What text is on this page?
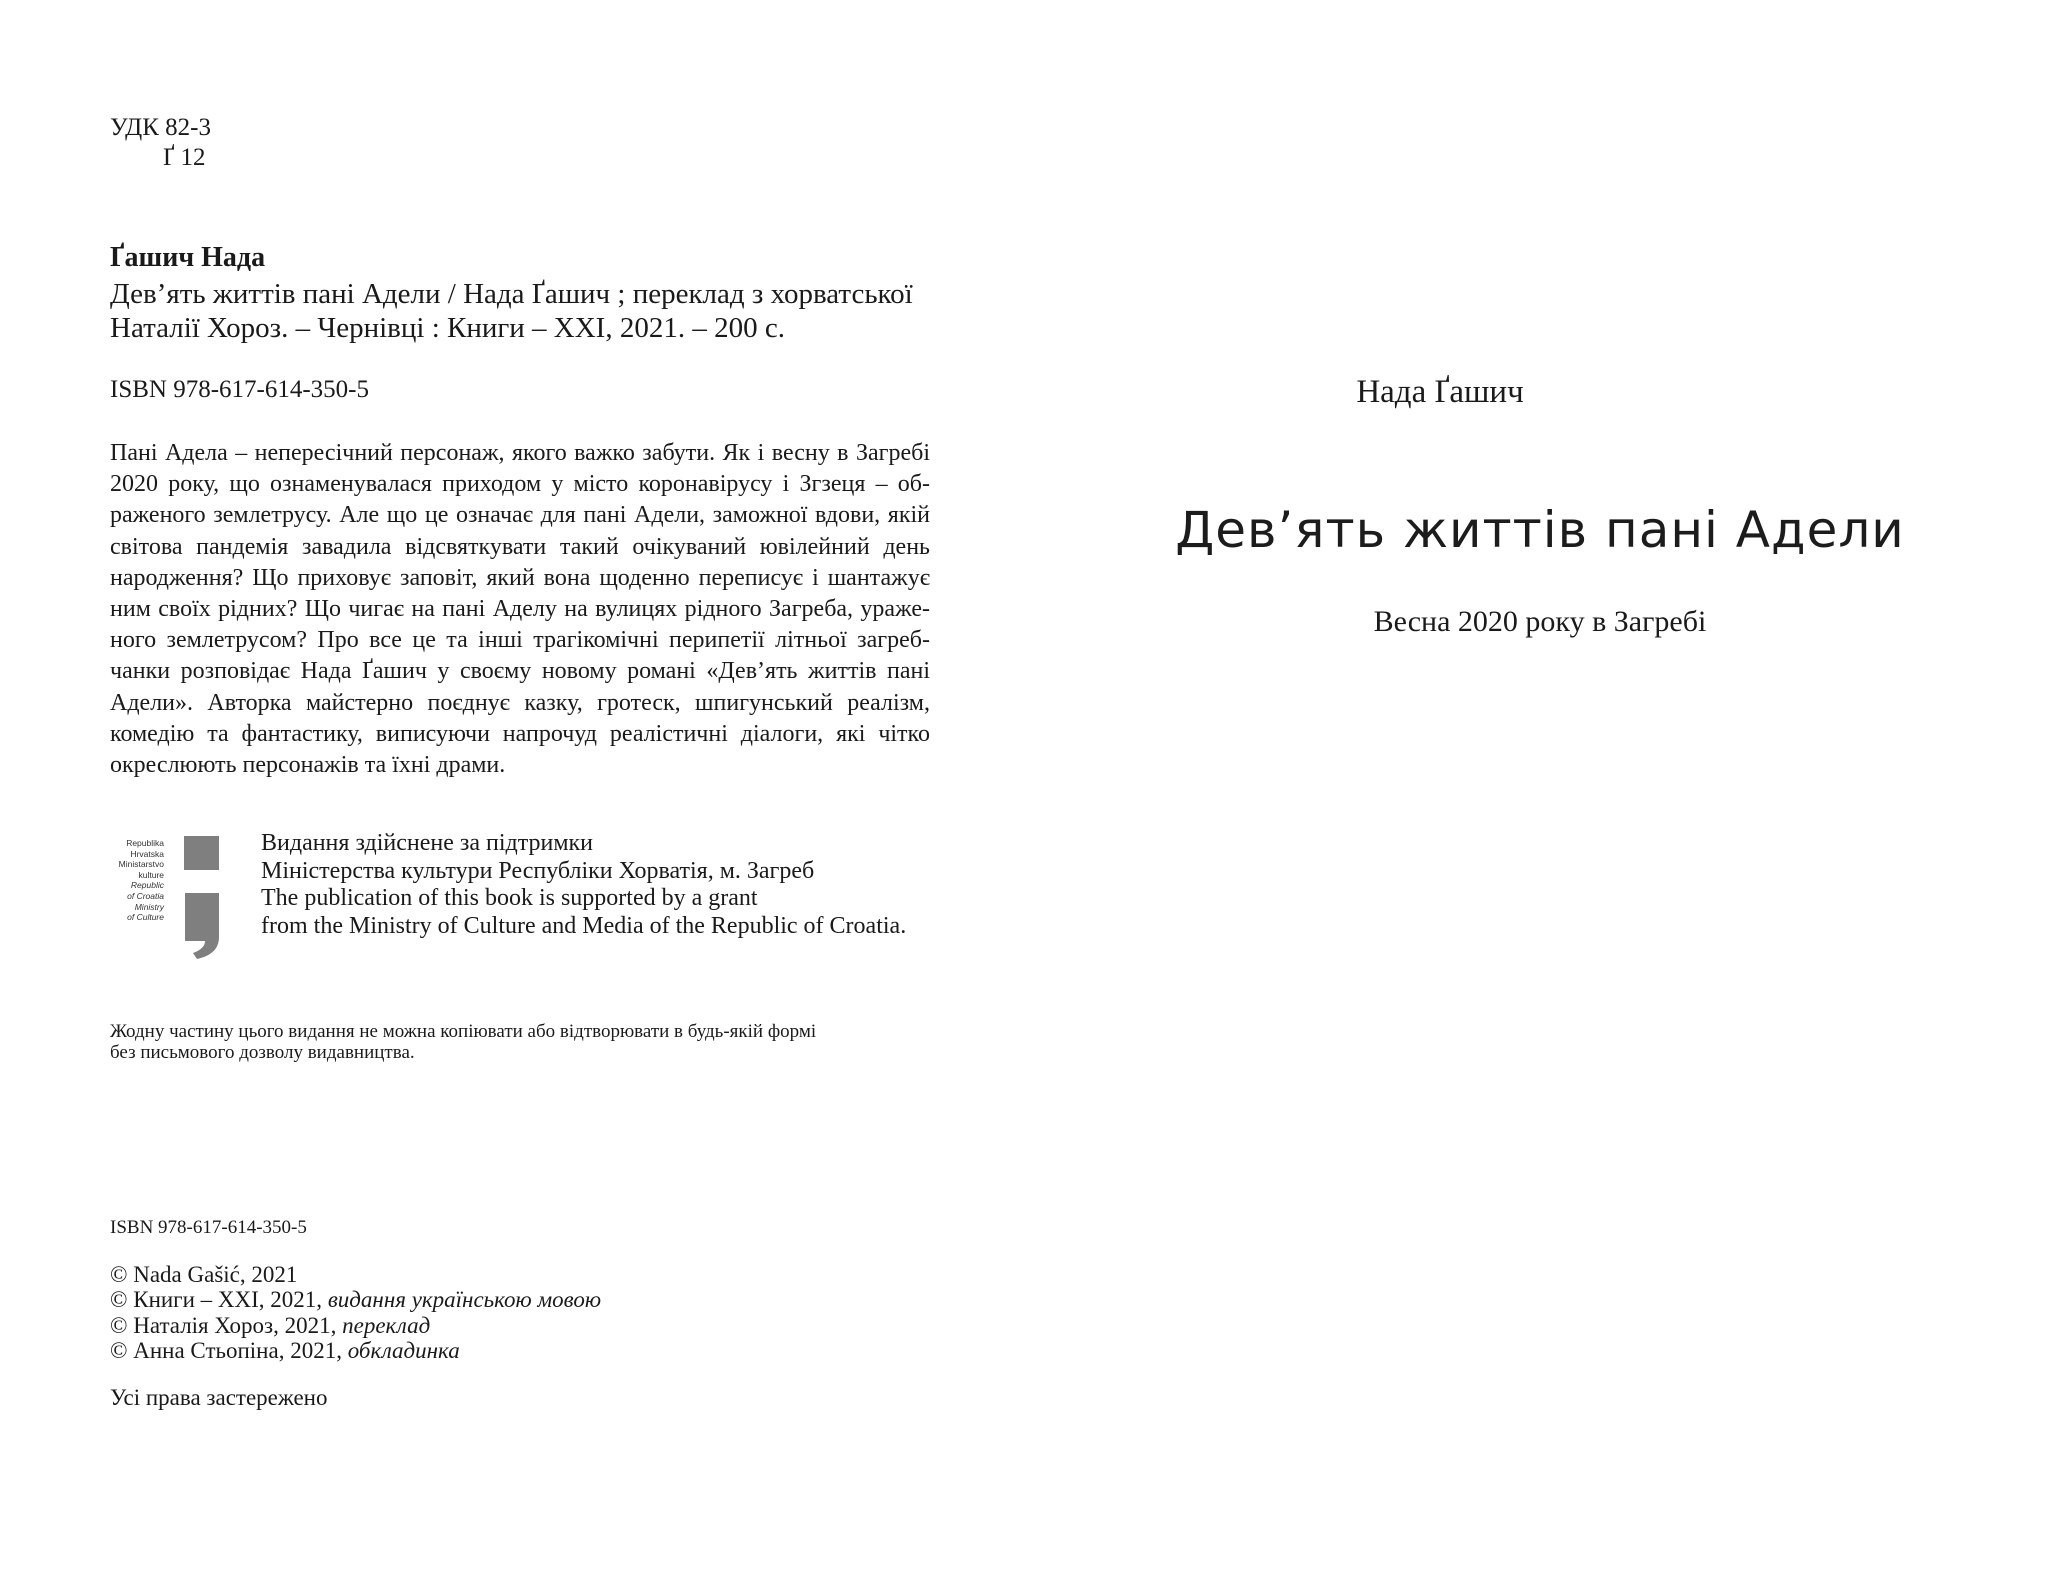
УДК 82-3
Ґ 12
Ґашич Нада
Дев’ять життів пані Адели / Нада Ґашич ; переклад з хорватської
Наталії Хороз. – Чернівці : Книги – ХХІ, 2021. – 200 с.
ISBN 978-617-614-350-5
Пані Адела – непересічний персонаж, якого важко забути. Як і весну в Загребі
2020 року, що ознаменувалася приходом у місто коронавірусу і Згзеця – об-
раженого землетрусу. Але що це означає для пані Адели, заможної вдови, якій
світова пандемія завадила відсвяткувати такий очікуваний ювілейний день
народження? Що приховує заповіт, який вона щоденно переписує і шантажує
ним своїх рідних? Що чигає на пані Аделу на вулицях рідного Загреба, ураже-
ного землетрусом? Про все це та інші трагікомічні перипетії літньої загреб-
чанки розповідає Нада Ґашич у своєму новому романі «Дев’ять життів пані
Адели». Авторка майстерно поєднує казку, гротеск, шпигунський реалізм,
комедію та фантастику, виписуючи напрочуд реалістичні діалоги, які чітко
окреслюють персонажів та їхні драми.
Republika
Hrvatska
Ministarstvo
kulture
Republic
of Croatia
Ministry
of Culture
Видання здійснене за підтримки
Міністерства культури Республіки Хорватія, м. Загреб
The publication of this book is supported by a grant
from the Ministry of Culture and Media of the Republic of Croatia.
Жодну частину цього видання не можна копіювати або відтворювати в будь-якій формі
без письмового дозволу видавництва.
ISBN 978-617-614-350-5
© Nada Gašić, 2021
© Книги – ХХІ, 2021, видання українською мовою
© Наталія Хороз, 2021, переклад
© Анна Стьопіна, 2021, обкладинка
Усі права застережено
Нада Ґашич
Дев’ять життів пані Адели
Весна 2020 року в Загребі
